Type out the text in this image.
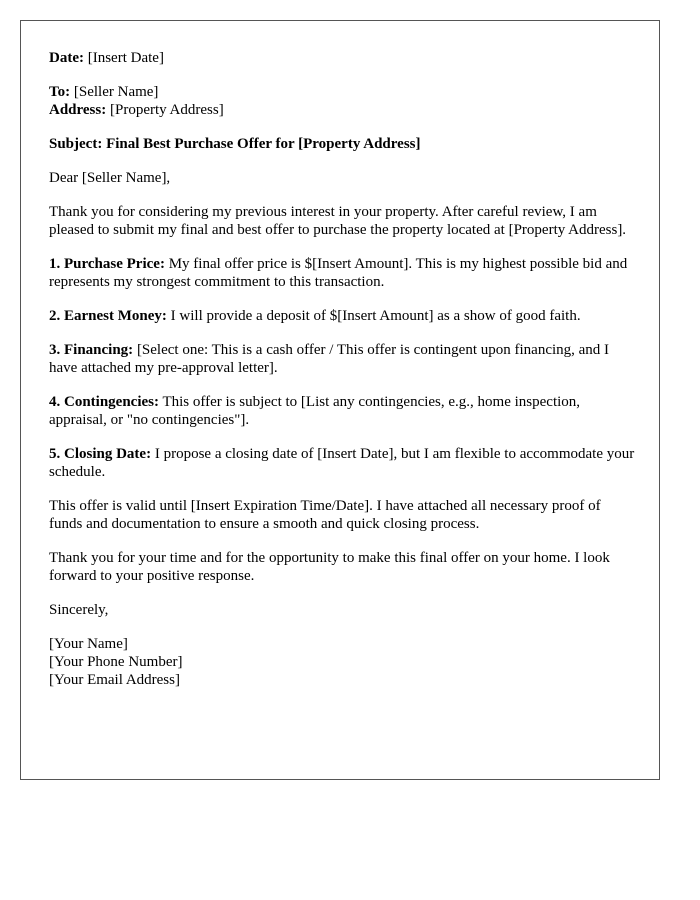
Date: [Insert Date]

To: [Seller Name]
Address: [Property Address]

Subject: Final Best Purchase Offer for [Property Address]

Dear [Seller Name],

Thank you for considering my previous interest in your property. After careful review, I am pleased to submit my final and best offer to purchase the property located at [Property Address].

1. Purchase Price: My final offer price is $[Insert Amount]. This is my highest possible bid and represents my strongest commitment to this transaction.

2. Earnest Money: I will provide a deposit of $[Insert Amount] as a show of good faith.

3. Financing: [Select one: This is a cash offer / This offer is contingent upon financing, and I have attached my pre-approval letter].

4. Contingencies: This offer is subject to [List any contingencies, e.g., home inspection, appraisal, or "no contingencies"].

5. Closing Date: I propose a closing date of [Insert Date], but I am flexible to accommodate your schedule.

This offer is valid until [Insert Expiration Time/Date]. I have attached all necessary proof of funds and documentation to ensure a smooth and quick closing process.

Thank you for your time and for the opportunity to make this final offer on your home. I look forward to your positive response.

Sincerely,

[Your Name]
[Your Phone Number]
[Your Email Address]
